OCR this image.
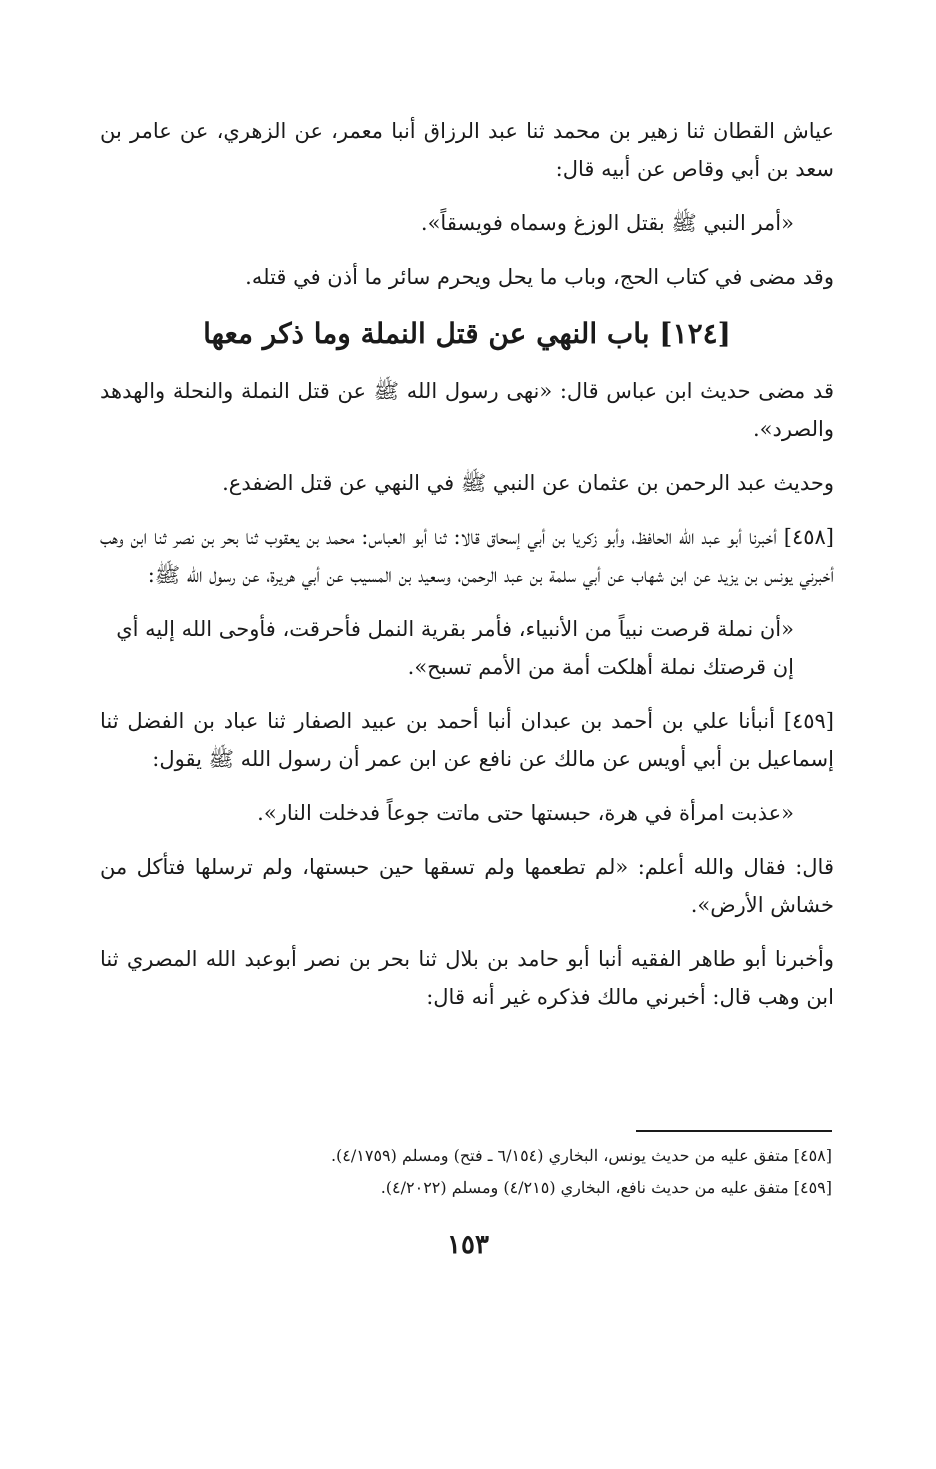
عياش القطان ثنا زهير بن محمد ثنا عبد الرزاق أنبا معمر، عن الزهري، عن عامر بن سعد بن أبي وقاص عن أبيه قال:

«أمر النبي ﷺ بقتل الوزغ وسماه فويسقاً».

وقد مضى في كتاب الحج، وباب ما يحل ويحرم سائر ما أذن في قتله.

[١٢٤] باب النهي عن قتل النملة وما ذكر معها

قد مضى حديث ابن عباس قال: «نهى رسول الله ﷺ عن قتل النملة والنحلة والهدهد والصرد».

وحديث عبد الرحمن بن عثمان عن النبي ﷺ في النهي عن قتل الضفدع.

[٤٥٨] أخبرنا أبو عبد الله الحافظ، وأبو زكريا بن أبي إسحاق قالا: ثنا أبو العباس: محمد بن يعقوب ثنا بحر بن نصر ثنا ابن وهب أخبرني يونس بن يزيد عن ابن شهاب عن أبي سلمة بن عبد الرحمن، وسعيد بن المسيب عن أبي هريرة، عن رسول الله ﷺ:

«أن نملة قرصت نبياً من الأنبياء، فأمر بقرية النمل فأحرقت، فأوحى الله إليه أي إن قرصتك نملة أهلكت أمة من الأمم تسبح».

[٤٥٩] أنبأنا علي بن أحمد بن عبدان أنبا أحمد بن عبيد الصفار ثنا عباد بن الفضل ثنا إسماعيل بن أبي أويس عن مالك عن نافع عن ابن عمر أن رسول الله ﷺ يقول:

«عذبت امرأة في هرة، حبستها حتى ماتت جوعاً فدخلت النار».

قال: فقال والله أعلم: «لم تطعمها ولم تسقها حين حبستها، ولم ترسلها فتأكل من خشاش الأرض».

وأخبرنا أبو طاهر الفقيه أنبا أبو حامد بن بلال ثنا بحر بن نصر أبوعبد الله المصري ثنا ابن وهب قال: أخبرني مالك فذكره غير أنه قال:

[٤٥٨] متفق عليه من حديث يونس، البخاري (٦/١٥٤ ـ فتح) ومسلم (٤/١٧٥٩).
[٤٥٩] متفق عليه من حديث نافع، البخاري (٤/٢١٥) ومسلم (٤/٢٠٢٢).
١٥٣
